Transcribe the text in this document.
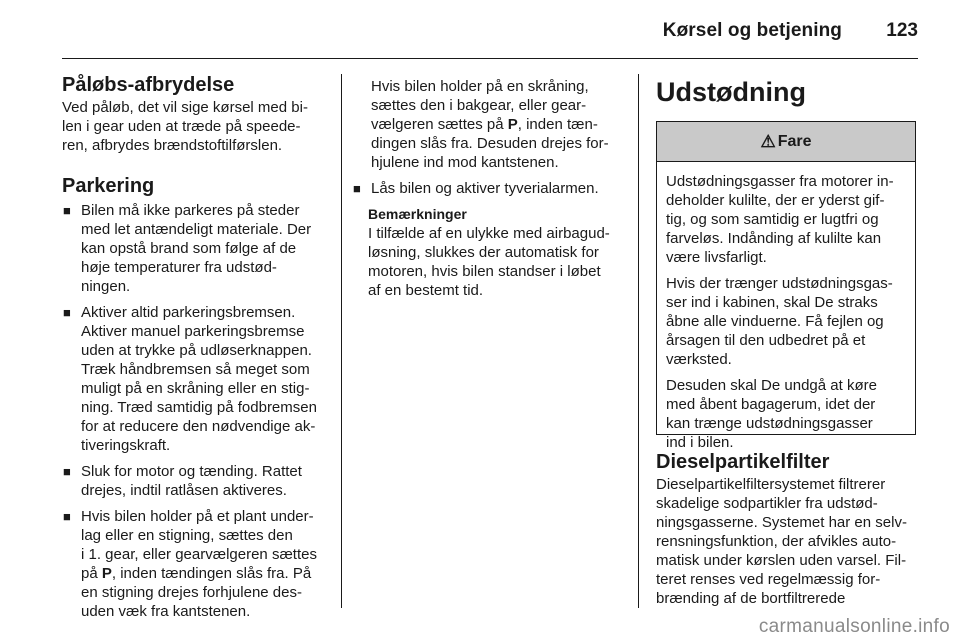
Kørsel og betjening 123

Påløbs-afbrydelse

Ved påløb, det vil sige kørsel med bi-

len i gear uden at træde på speede-

ren, afbrydes brændstoftilførslen.

Parkering

■ Bilen må ikke parkeres på steder

med let antændeligt materiale. Der

kan opstå brand som følge af de

høje temperaturer fra udstød-

ningen.

■ Aktiver altid parkeringsbremsen.

Aktiver manuel parkeringsbremse

uden at trykke på udløserknappen.

Træk håndbremsen så meget som

muligt på en skråning eller en stig-

ning. Træd samtidig på fodbremsen

for at reducere den nødvendige ak-

tiveringskraft.

■ Sluk for motor og tænding. Rattet

drejes, indtil ratlåsen aktiveres.

■ Hvis bilen holder på et plant under-

lag eller en stigning, sættes den

i 1. gear, eller gearvælgeren sættes

på P, inden tændingen slås fra. På

en stigning drejes forhjulene des-

uden væk fra kantstenen.

Hvis bilen holder på en skråning,

sættes den i bakgear, eller gear-

vælgeren sættes på P, inden tæn-

dingen slås fra. Desuden drejes for-

hjulene ind mod kantstenen.

■ Lås bilen og aktiver tyverialarmen.

Bemærkninger

I tilfælde af en ulykke med airbagud-

løsning, slukkes der automatisk for

motoren, hvis bilen standser i løbet

af en bestemt tid.

Udstødning

⚠ Fare

Udstødningsgasser fra motorer in-
deholder kulilte, der er yderst gif-
tig, og som samtidig er lugtfri og
farveløs. Indånding af kulilte kan
være livsfarligt.

Hvis der trænger udstødningsgas-
ser ind i kabinen, skal De straks
åbne alle vinduerne. Få fejlen og
årsagen til den udbedret på et
værksted.

Desuden skal De undgå at køre
med åbent bagagerum, idet der
kan trænge udstødningsgasser
ind i bilen.

Dieselpartikelfilter

Dieselpartikelfiltersystemet filtrerer

skadelige sodpartikler fra udstød-

ningsgasserne. Systemet har en selv-

rensningsfunktion, der afvikles auto-

matisk under kørslen uden varsel. Fil-

teret renses ved regelmæssig for-

brænding af de bortfiltrerede

carmanualsonline.info
